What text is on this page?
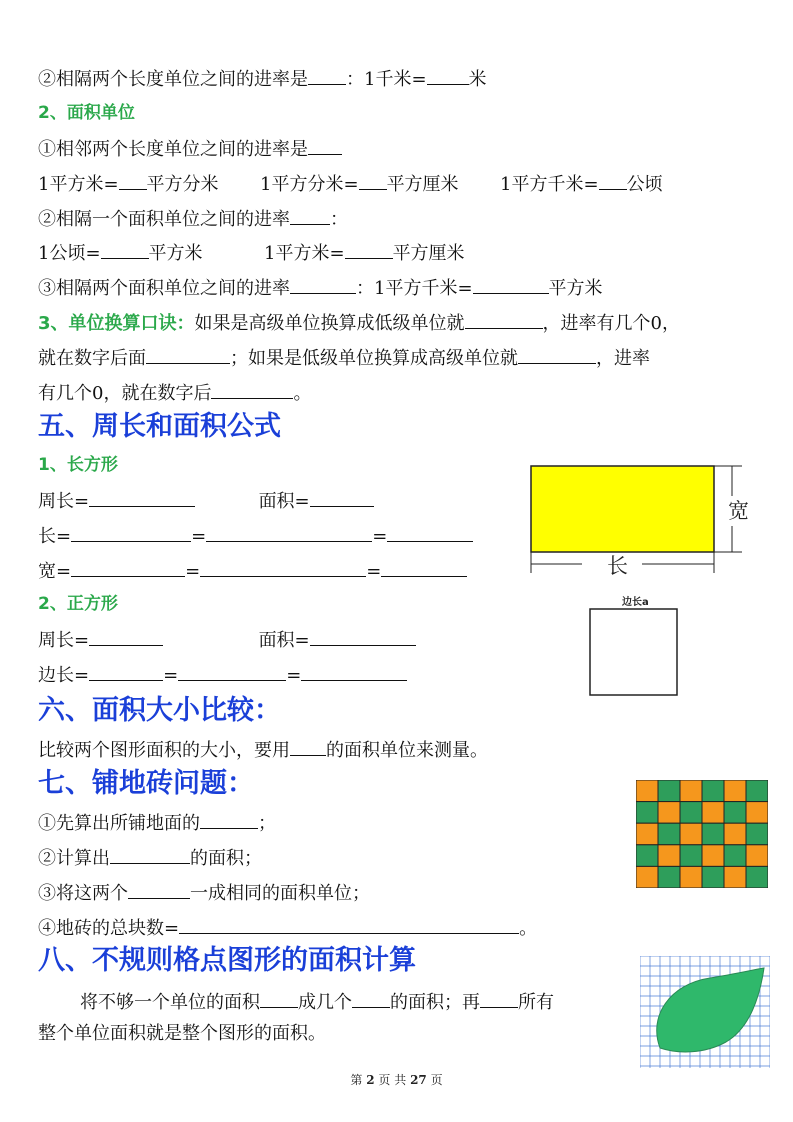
②相隔两个长度单位之间的进率是 ：1千米= 米
2、面积单位
①相邻两个长度单位之间的进率是
1平方米= 平方分米 1平方分米= 平方厘米 1平方千米= 公顷
②相隔一个面积单位之间的进率 ：
1公顷=	平方米	1平方米=	平方厘米
③相隔两个面积单位之间的进率	：1平方千米=	平方米
3、单位换算口诀：如果是高级单位换算成低级单位就	，进率有几个0，
就在数字后面	；如果是低级单位换算成高级单位就	，进率
有几个0，就在数字后	。
五、周长和面积公式
1、长方形
周长=	面积=
长=	=	=
宽=	=	=
2、正方形
周长=	面积=
边长=	=	=
宽
长
边长a
六、面积大小比较：
比较两个图形面积的大小，要用 的面积单位来测量。
七、铺地砖问题：
①先算出所铺地面的	；
②计算出	的面积；
③将这两个	一成相同的面积单位；
④地砖的总块数=	。
八、不规则格点图形的面积计算
将不够一个单位的面积 成几个 的面积；再 所有
整个单位面积就是整个图形的面积。
第 2 页 共 27 页
